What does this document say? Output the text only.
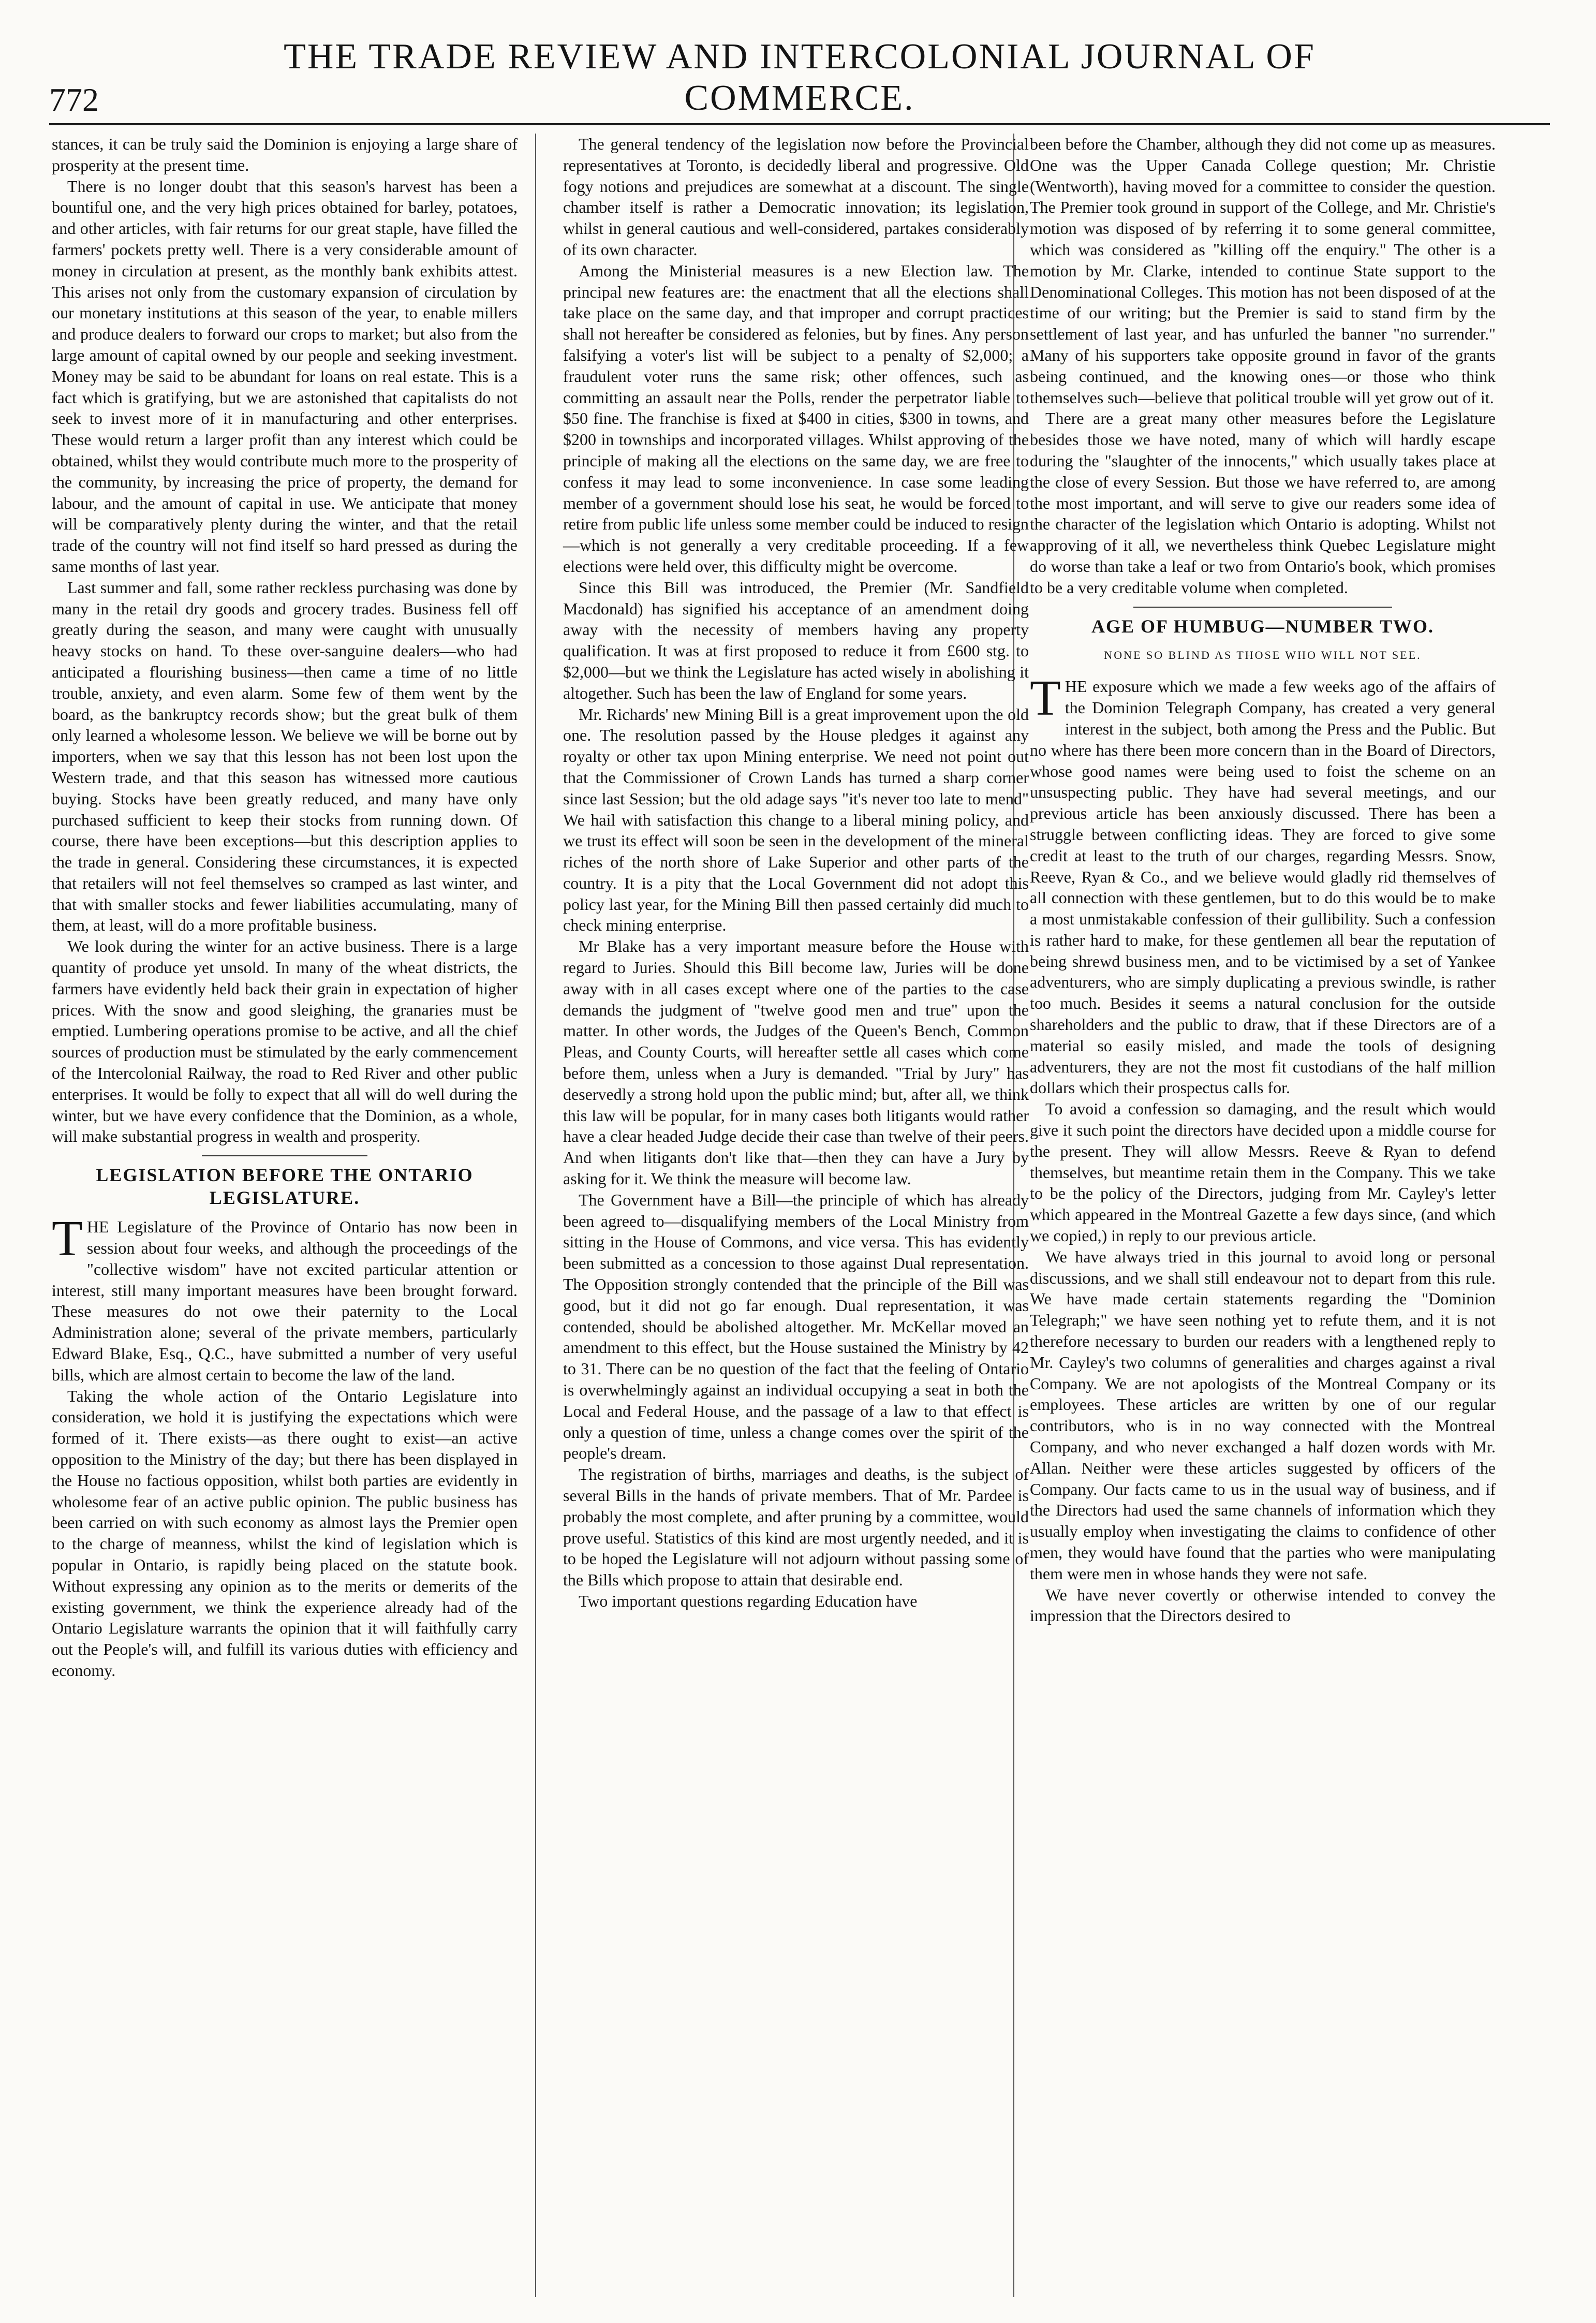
772
THE TRADE REVIEW AND INTERCOLONIAL JOURNAL OF COMMERCE.

stances, it can be truly said the Dominion is enjoying a large share of prosperity at the present time.

There is no longer doubt that this season's harvest has been a bountiful one, and the very high prices obtained for barley, potatoes, and other articles, with fair returns for our great staple, have filled the farmers' pockets pretty well. There is a very considerable amount of money in circulation at present, as the monthly bank exhibits attest. This arises not only from the customary expansion of circulation by our monetary institutions at this season of the year, to enable millers and produce dealers to forward our crops to market; but also from the large amount of capital owned by our people and seeking investment. Money may be said to be abundant for loans on real estate. This is a fact which is gratifying, but we are astonished that capitalists do not seek to invest more of it in manufacturing and other enterprises. These would return a larger profit than any interest which could be obtained, whilst they would contribute much more to the prosperity of the community, by increasing the price of property, the demand for labour, and the amount of capital in use. We anticipate that money will be comparatively plenty during the winter, and that the retail trade of the country will not find itself so hard pressed as during the same months of last year.

Last summer and fall, some rather reckless purchasing was done by many in the retail dry goods and grocery trades. Business fell off greatly during the season, and many were caught with unusually heavy stocks on hand. To these over-sanguine dealers—who had anticipated a flourishing business—then came a time of no little trouble, anxiety, and even alarm. Some few of them went by the board, as the bankruptcy records show; but the great bulk of them only learned a wholesome lesson. We believe we will be borne out by importers, when we say that this lesson has not been lost upon the Western trade, and that this season has witnessed more cautious buying. Stocks have been greatly reduced, and many have only purchased sufficient to keep their stocks from running down. Of course, there have been exceptions—but this description applies to the trade in general. Considering these circumstances, it is expected that retailers will not feel themselves so cramped as last winter, and that with smaller stocks and fewer liabilities accumulating, many of them, at least, will do a more profitable business.

We look during the winter for an active business. There is a large quantity of produce yet unsold. In many of the wheat districts, the farmers have evidently held back their grain in expectation of higher prices. With the snow and good sleighing, the granaries must be emptied. Lumbering operations promise to be active, and all the chief sources of production must be stimulated by the early commencement of the Intercolonial Railway, the road to Red River and other public enterprises. It would be folly to expect that all will do well during the winter, but we have every confidence that the Dominion, as a whole, will make substantial progress in wealth and prosperity.

LEGISLATION BEFORE THE ONTARIO
LEGISLATURE.

THE Legislature of the Province of Ontario has now been in session about four weeks, and although the proceedings of the "collective wisdom" have not excited particular attention or interest, still many important measures have been brought forward. These measures do not owe their paternity to the Local Administration alone; several of the private members, particularly Edward Blake, Esq., Q.C., have submitted a number of very useful bills, which are almost certain to become the law of the land.

Taking the whole action of the Ontario Legislature into consideration, we hold it is justifying the expectations which were formed of it. There exists—as there ought to exist—an active opposition to the Ministry of the day; but there has been displayed in the House no factious opposition, whilst both parties are evidently in wholesome fear of an active public opinion. The public business has been carried on with such economy as almost lays the Premier open to the charge of meanness, whilst the kind of legislation which is popular in Ontario, is rapidly being placed on the statute book. Without expressing any opinion as to the merits or demerits of the existing government, we think the experience already had of the Ontario Legislature warrants the opinion that it will faithfully carry out the People's will, and fulfill its various duties with efficiency and economy.

The general tendency of the legislation now before the Provincial representatives at Toronto, is decidedly liberal and progressive. Old fogy notions and prejudices are somewhat at a discount. The single chamber itself is rather a Democratic innovation; its legislation, whilst in general cautious and well-considered, partakes considerably of its own character.

Among the Ministerial measures is a new Election law. The principal new features are: the enactment that all the elections shall take place on the same day, and that improper and corrupt practices shall not hereafter be considered as felonies, but by fines. Any person falsifying a voter's list will be subject to a penalty of $2,000; a fraudulent voter runs the same risk; other offences, such as committing an assault near the Polls, render the perpetrator liable to $50 fine. The franchise is fixed at $400 in cities, $300 in towns, and $200 in townships and incorporated villages. Whilst approving of the principle of making all the elections on the same day, we are free to confess it may lead to some inconvenience. In case some leading member of a government should lose his seat, he would be forced to retire from public life unless some member could be induced to resign—which is not generally a very creditable proceeding. If a few elections were held over, this difficulty might be overcome.

Since this Bill was introduced, the Premier (Mr. Sandfield Macdonald) has signified his acceptance of an amendment doing away with the necessity of members having any property qualification. It was at first proposed to reduce it from £600 stg. to $2,000—but we think the Legislature has acted wisely in abolishing it altogether. Such has been the law of England for some years.

Mr. Richards' new Mining Bill is a great improvement upon the old one. The resolution passed by the House pledges it against any royalty or other tax upon Mining enterprise. We need not point out that the Commissioner of Crown Lands has turned a sharp corner since last Session; but the old adage says "it's never too late to mend" We hail with satisfaction this change to a liberal mining policy, and we trust its effect will soon be seen in the development of the mineral riches of the north shore of Lake Superior and other parts of the country. It is a pity that the Local Government did not adopt this policy last year, for the Mining Bill then passed certainly did much to check mining enterprise.

Mr Blake has a very important measure before the House with regard to Juries. Should this Bill become law, Juries will be done away with in all cases except where one of the parties to the case demands the judgment of "twelve good men and true" upon the matter. In other words, the Judges of the Queen's Bench, Common Pleas, and County Courts, will hereafter settle all cases which come before them, unless when a Jury is demanded. "Trial by Jury" has deservedly a strong hold upon the public mind; but, after all, we think this law will be popular, for in many cases both litigants would rather have a clear headed Judge decide their case than twelve of their peers. And when litigants don't like that—then they can have a Jury by asking for it. We think the measure will become law.

The Government have a Bill—the principle of which has already been agreed to—disqualifying members of the Local Ministry from sitting in the House of Commons, and vice versa. This has evidently been submitted as a concession to those against Dual representation. The Opposition strongly contended that the principle of the Bill was good, but it did not go far enough. Dual representation, it was contended, should be abolished altogether. Mr. McKellar moved an amendment to this effect, but the House sustained the Ministry by 42 to 31. There can be no question of the fact that the feeling of Ontario is overwhelmingly against an individual occupying a seat in both the Local and Federal House, and the passage of a law to that effect is only a question of time, unless a change comes over the spirit of the people's dream.

The registration of births, marriages and deaths, is the subject of several Bills in the hands of private members. That of Mr. Pardee is probably the most complete, and after pruning by a committee, would prove useful. Statistics of this kind are most urgently needed, and it is to be hoped the Legislature will not adjourn without passing some of the Bills which propose to attain that desirable end.

Two important questions regarding Education have

been before the Chamber, although they did not come up as measures. One was the Upper Canada College question; Mr. Christie (Wentworth), having moved for a committee to consider the question. The Premier took ground in support of the College, and Mr. Christie's motion was disposed of by referring it to some general committee, which was considered as "killing off the enquiry." The other is a motion by Mr. Clarke, intended to continue State support to the Denominational Colleges. This motion has not been disposed of at the time of our writing; but the Premier is said to stand firm by the settlement of last year, and has unfurled the banner "no surrender." Many of his supporters take opposite ground in favor of the grants being continued, and the knowing ones—or those who think themselves such—believe that political trouble will yet grow out of it.

There are a great many other measures before the Legislature besides those we have noted, many of which will hardly escape during the "slaughter of the innocents," which usually takes place at the close of every Session. But those we have referred to, are among the most important, and will serve to give our readers some idea of the character of the legislation which Ontario is adopting. Whilst not approving of it all, we nevertheless think Quebec Legislature might do worse than take a leaf or two from Ontario's book, which promises to be a very creditable volume when completed.

AGE OF HUMBUG—NUMBER TWO.

NONE SO BLIND AS THOSE WHO WILL NOT SEE.

THE exposure which we made a few weeks ago of the affairs of the Dominion Telegraph Company, has created a very general interest in the subject, both among the Press and the Public. But no where has there been more concern than in the Board of Directors, whose good names were being used to foist the scheme on an unsuspecting public. They have had several meetings, and our previous article has been anxiously discussed. There has been a struggle between conflicting ideas. They are forced to give some credit at least to the truth of our charges, regarding Messrs. Snow, Reeve, Ryan & Co., and we believe would gladly rid themselves of all connection with these gentlemen, but to do this would be to make a most unmistakable confession of their gullibility. Such a confession is rather hard to make, for these gentlemen all bear the reputation of being shrewd business men, and to be victimised by a set of Yankee adventurers, who are simply duplicating a previous swindle, is rather too much. Besides it seems a natural conclusion for the outside shareholders and the public to draw, that if these Directors are of a material so easily misled, and made the tools of designing adventurers, they are not the most fit custodians of the half million dollars which their prospectus calls for.

To avoid a confession so damaging, and the result which would give it such point the directors have decided upon a middle course for the present. They will allow Messrs. Reeve & Ryan to defend themselves, but meantime retain them in the Company. This we take to be the policy of the Directors, judging from Mr. Cayley's letter which appeared in the Montreal Gazette a few days since, (and which we copied,) in reply to our previous article.

We have always tried in this journal to avoid long or personal discussions, and we shall still endeavour not to depart from this rule. We have made certain statements regarding the "Dominion Telegraph;" we have seen nothing yet to refute them, and it is not therefore necessary to burden our readers with a lengthened reply to Mr. Cayley's two columns of generalities and charges against a rival Company. We are not apologists of the Montreal Company or its employees. These articles are written by one of our regular contributors, who is in no way connected with the Montreal Company, and who never exchanged a half dozen words with Mr. Allan. Neither were these articles suggested by officers of the Company. Our facts came to us in the usual way of business, and if the Directors had used the same channels of information which they usually employ when investigating the claims to confidence of other men, they would have found that the parties who were manipulating them were men in whose hands they were not safe.

We have never covertly or otherwise intended to convey the impression that the Directors desired to
